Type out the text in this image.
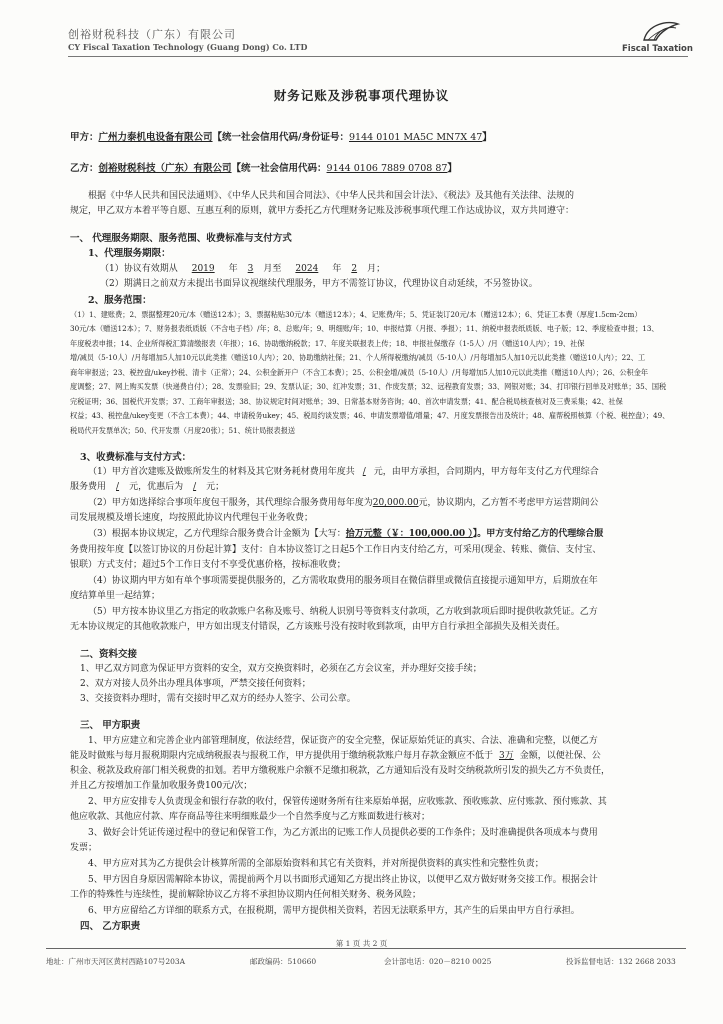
创裕财税科技（广东）有限公司
CY Fiscal Taxation Technology (Guang Dong) Co. LTD	Fiscal Taxation
财务记账及涉税事项代理协议
甲方：广州力泰机电设备有限公司【统一社会信用代码/身份证号：9144 0101 MA5C MN7X 47】
乙方：创裕财税科技（广东）有限公司【统一社会信用代码：9144 0106 7889 0708 87】
根据《中华人民共和国民法通则》、《中华人民共和国合同法》、《中华人民共和国会计法》、《税法》及其他有关法律、法规的
规定，甲乙双方本着平等自愿、互惠互利的原则，就甲方委托乙方代理财务记账及涉税事项代理工作达成协议，双方共同遵守：
一、 代理服务期限、服务范围、收费标准与支付方式
1、代理服务期限：
（1）协议有效期从 2019 年 3 月至 2024 年 2 月；
（2）期满日之前双方未提出书面异议视继续代理服务，甲方不需签订协议，代理协议自动延续，不另签协议。
2、服务范围：
（1）1、建账费；2、票据整理20元/本（赠送12本）；3、票据粘贴30元/本（赠送12本）；4、记账费/年；5、凭证装订20元/本（赠送12本）；6、凭证工本费（厚度1.5cm-2cm）
30元/本（赠送12本）；7、财务报表纸质版（不含电子档）/年；8、总账/年；9、明细账/年；10、申报结算（月报、季报）；11、纳税申报表纸质版、电子版；12、季度检查申报；13、
年度税表申报；14、企业所得税汇算清缴报表（年报）；16、协助缴纳税款；17、年度关联报表上传；18、申报社保缴存（1-5人）/月（赠送10人内）；19、社保
增/减员（5-10人）/月每增加5人加10元以此类推（赠送10人内）；20、协助缴纳社保；21、个人所得税缴纳/减员（5-10人）/月每增加5人加10元以此类推（赠送10人内）；22、工
商年审报送；23、税控盘/ukey抄税、清卡（正常）；24、公积金新开户（不含工本费）；25、公积金增/减员（5-10人）/月每增加5人加10元以此类推（赠送10人内）；26、公积金年
度调整；27、网上购买发票（快递费自付）；28、发票验旧；29、发票认证；30、红冲发票；31、作废发票；32、远程教育发票；33、网银对账；34、打印银行回单及对账单；35、国税
完税证明；36、国税代开发票；37、工商年审报送；38、协议规定时间对账单；39、日常基本财务咨询；40、首次申请发票；41、配合税局核查核对及三费采集；42、社保
权益；43、税控盘/ukey变更（不含工本费）；44、申请税务ukey；45、税局约谈发票；46、申请发票增值/增量；47、月度发票报告出及统计；48、雇帮税照核算（个税、税控盘）；49、
税局代开发票单次；50、代开发票（月度20张）；51、统计局报表报送
3、收费标准与支付方式：
（1）甲方首次建账及做账所发生的材料及其它财务耗材费用年度共 / 元，由甲方承担，合同期内，甲方每年支付乙方代理综合
服务费用 / 元，优惠后为 / 元；
（2）甲方如选择综合事项年度包干服务，其代理综合服务费用每年度为20,000.00元，协议期内，乙方暂不考虑甲方运营期间公
司发展规模及增长速度，均按照此协议内代理包干业务收费；
（3）根据本协议规定，乙方代理综合服务费合计金额为【大写：拾万元整（￥：100,000.00 ）】。甲方支付给乙方的代理综合服
务费用按年度【以签订协议的月份起计算】支付：自本协议签订之日起5个工作日内支付给乙方，可采用(现金、转账、微信、支付宝、
银联）方式支付；超过5个工作日支付不享受优惠价格，按标准收费；
（4）协议期内甲方如有单个事项需要提供服务的，乙方需收取费用的服务项目在微信群里或微信直接提示通知甲方，后期放在年
度结算单里一起结算；
（5）甲方按本协议里乙方指定的收款账户名称及账号、纳税人识别号等资料支付款项，乙方收到款项后即时提供收款凭证。乙方
无本协议规定的其他收款账户，甲方如出现支付错误，乙方该账号没有按时收到款项，由甲方自行承担全部损失及相关责任。
二、资料交接
1、甲乙双方同意为保证甲方资料的安全，双方交换资料时，必须在乙方会议室，并办理好交接手续；
2、双方对接人员外出办理具体事项，严禁交接任何资料；
3、交接资料办理时，需有交接时甲乙双方的经办人签字、公司公章。
三、 甲方职责
1、甲方应建立和完善企业内部管理制度，依法经营，保证资产的安全完整，保证原始凭证的真实、合法、准确和完整，以便乙方
能及时做账与每月报税期限内完成纳税报表与报税工作，甲方提供用于缴纳税款账户每月存款金额应不低于 3万 金额，以便社保、公
积金、税款及政府部门相关税费的扣划。若甲方缴税账户余额不足缴扣税款，乙方通知后没有及时交纳税款所引发的损失乙方不负责任，
并且乙方按增加工作量加收服务费100元/次；
2、甲方应安排专人负责现金和银行存款的收付，保管传递财务所有往来原始单据，应收账款、预收账款、应付账款、预付账款、其
他应收款、其他应付款、库存商品等往来明细账最少一个自然季度与乙方账面数进行核对；
3、做好会计凭证传递过程中的登记和保管工作，为乙方派出的记账工作人员提供必要的工作条件；及时准确提供各项成本与费用
发票；
4、甲方应对其为乙方提供会计核算所需的全部原始资料和其它有关资料，并对所提供资料的真实性和完整性负责；
5、甲方因自身原因需解除本协议，需提前两个月以书面形式通知乙方提出终止协议，以便甲乙双方做好财务交接工作。根据会计
工作的特殊性与连续性，提前解除协议乙方将不承担协议期内任何相关财务、税务风险；
6、甲方应留给乙方详细的联系方式，在报税期，需甲方提供相关资料，若因无法联系甲方，其产生的后果由甲方自行承担。
四、 乙方职责
第 1 页 共 2 页
地址：广州市天河区黄村西路107号203A	邮政编码：510660	会计部电话：020－8210 0025	投诉监督电话：132 2668 2033
